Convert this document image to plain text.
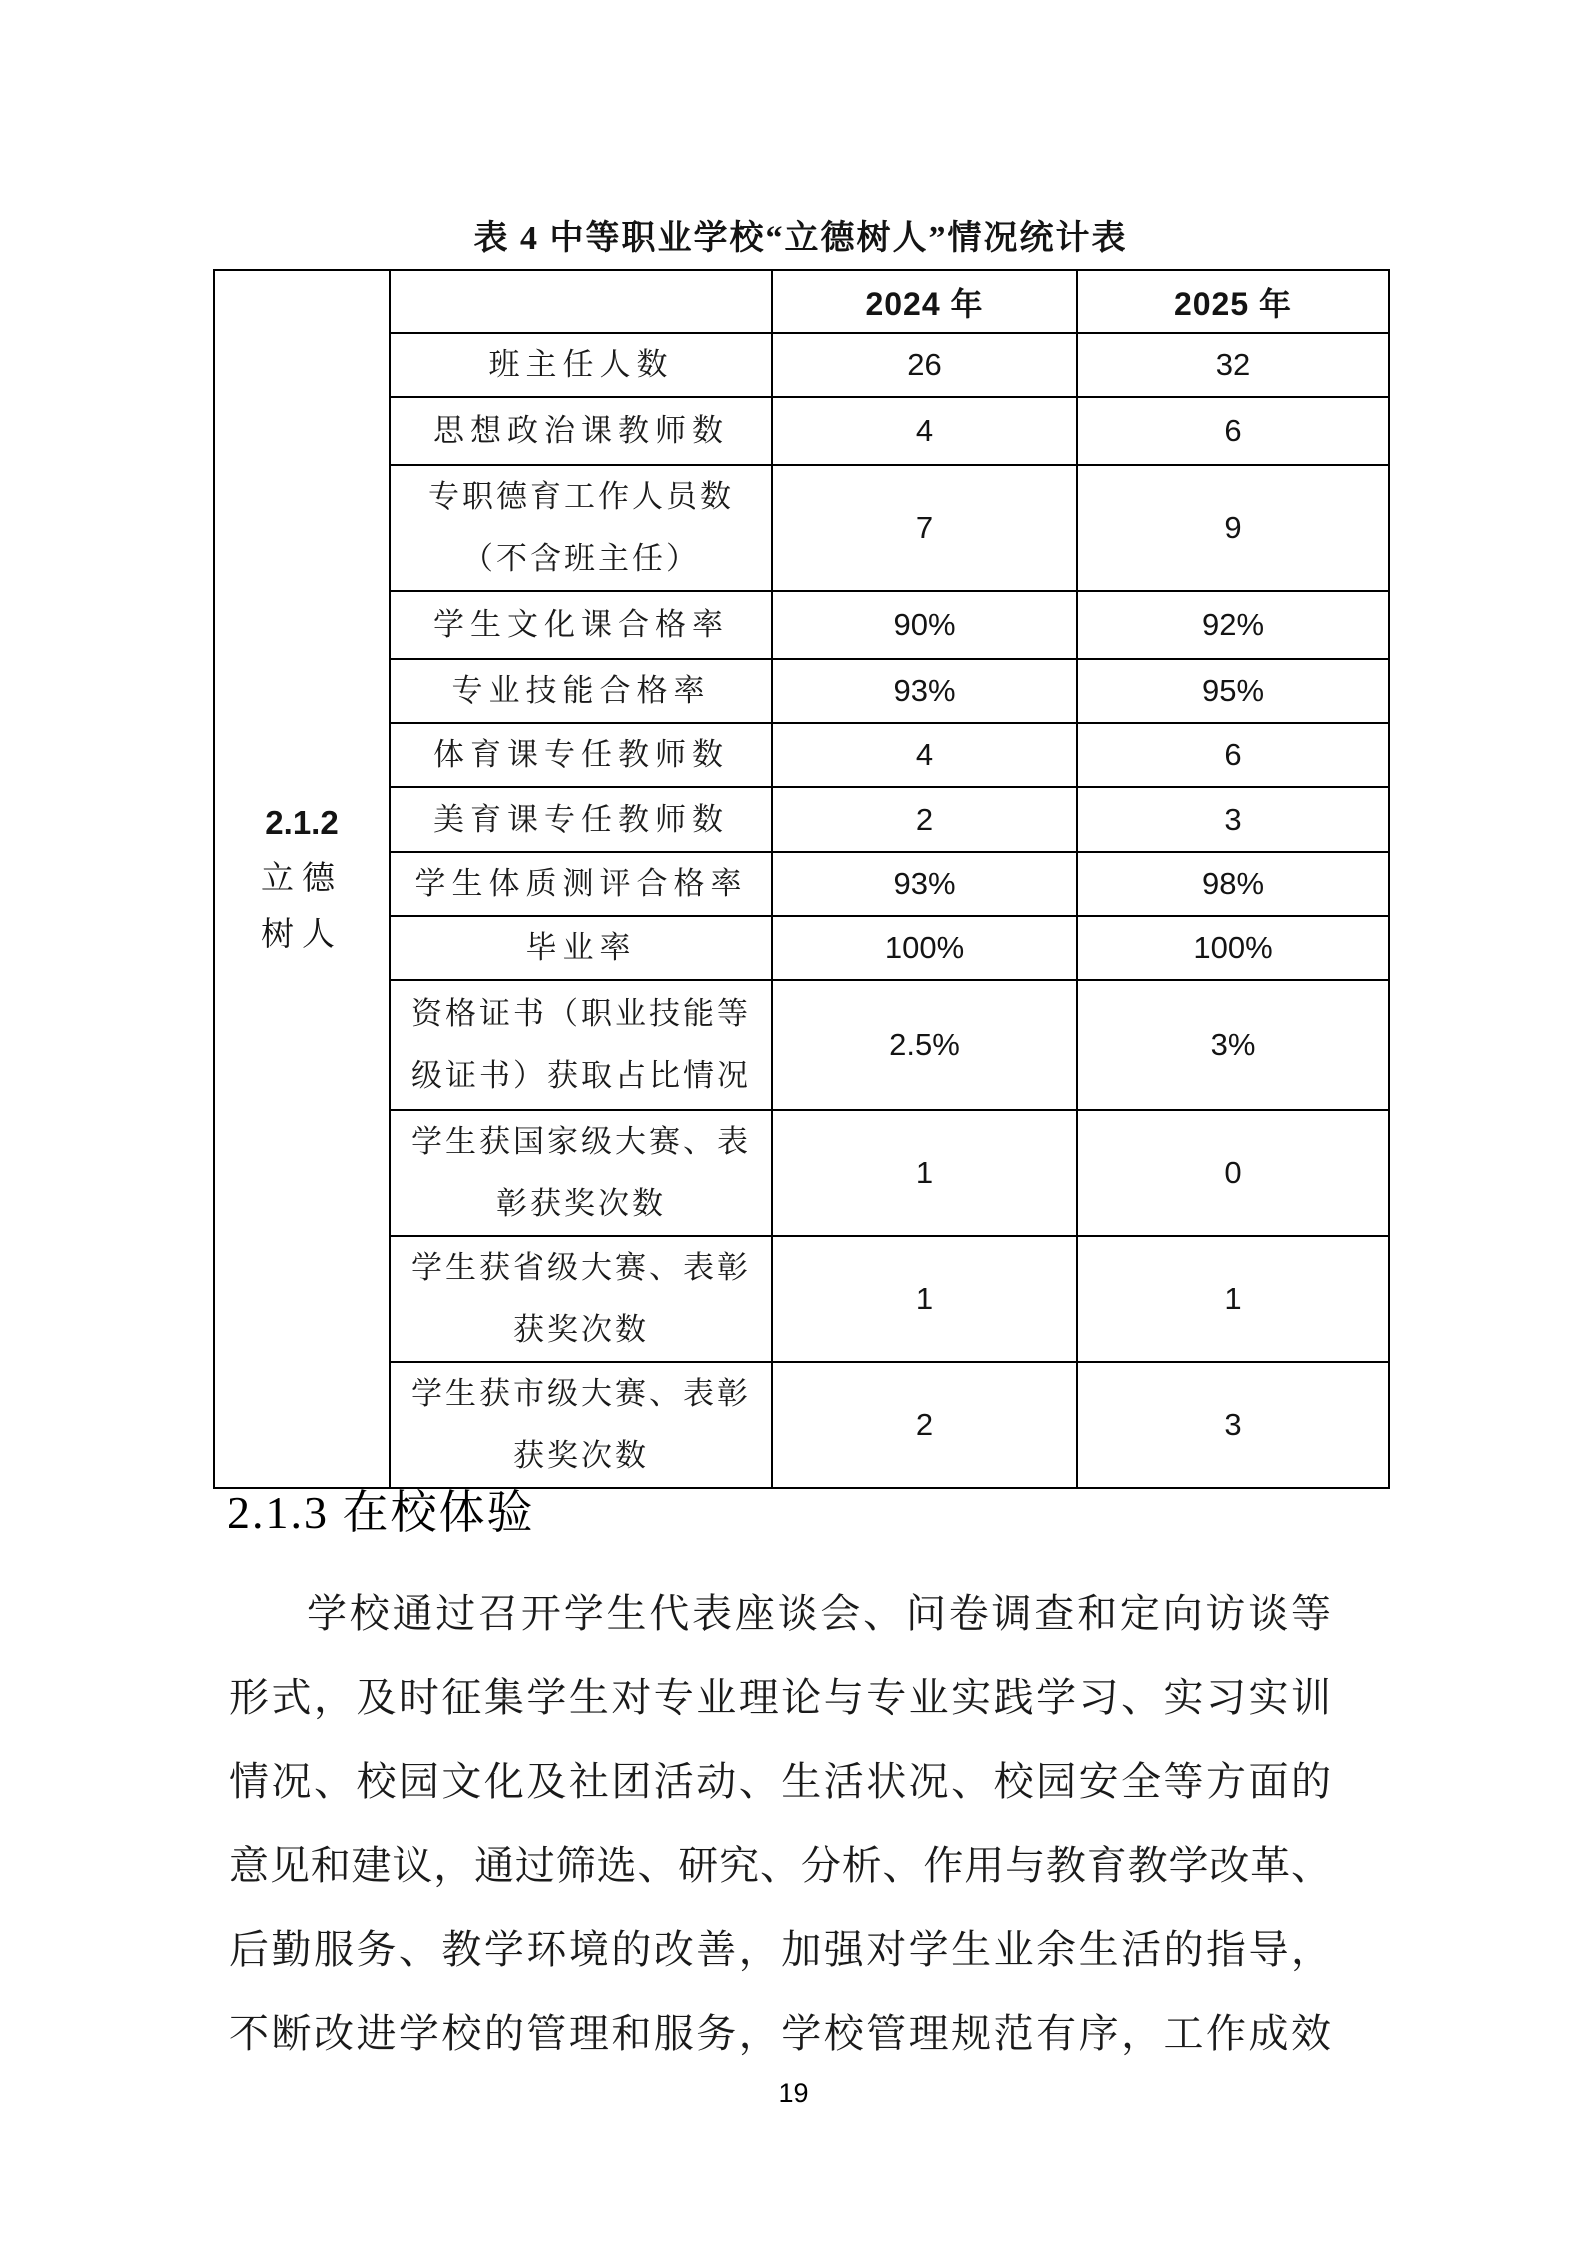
表 4 中等职业学校“立德树人”情况统计表
2.1.2
立德
树人		2024 年	2025 年
	班主任人数	26	32
	思想政治课教师数	4	6
	专职德育工作人员数（不含班主任）	7	9
	学生文化课合格率	90%	92%
	专业技能合格率	93%	95%
	体育课专任教师数	4	6
	美育课专任教师数	2	3
	学生体质测评合格率	93%	98%
	毕业率	100%	100%
	资格证书（职业技能等级证书）获取占比情况	2.5%	3%
	学生获国家级大赛、表彰获奖次数	1	0
	学生获省级大赛、表彰获奖次数	1	1
	学生获市级大赛、表彰获奖次数	2	3
2.1.3 在校体验
学校通过召开学生代表座谈会、问卷调查和定向访谈等
形式，及时征集学生对专业理论与专业实践学习、实习实训
情况、校园文化及社团活动、生活状况、校园安全等方面的
意见和建议，通过筛选、研究、分析、作用与教育教学改革、
后勤服务、教学环境的改善，加强对学生业余生活的指导，
不断改进学校的管理和服务，学校管理规范有序，工作成效
19
